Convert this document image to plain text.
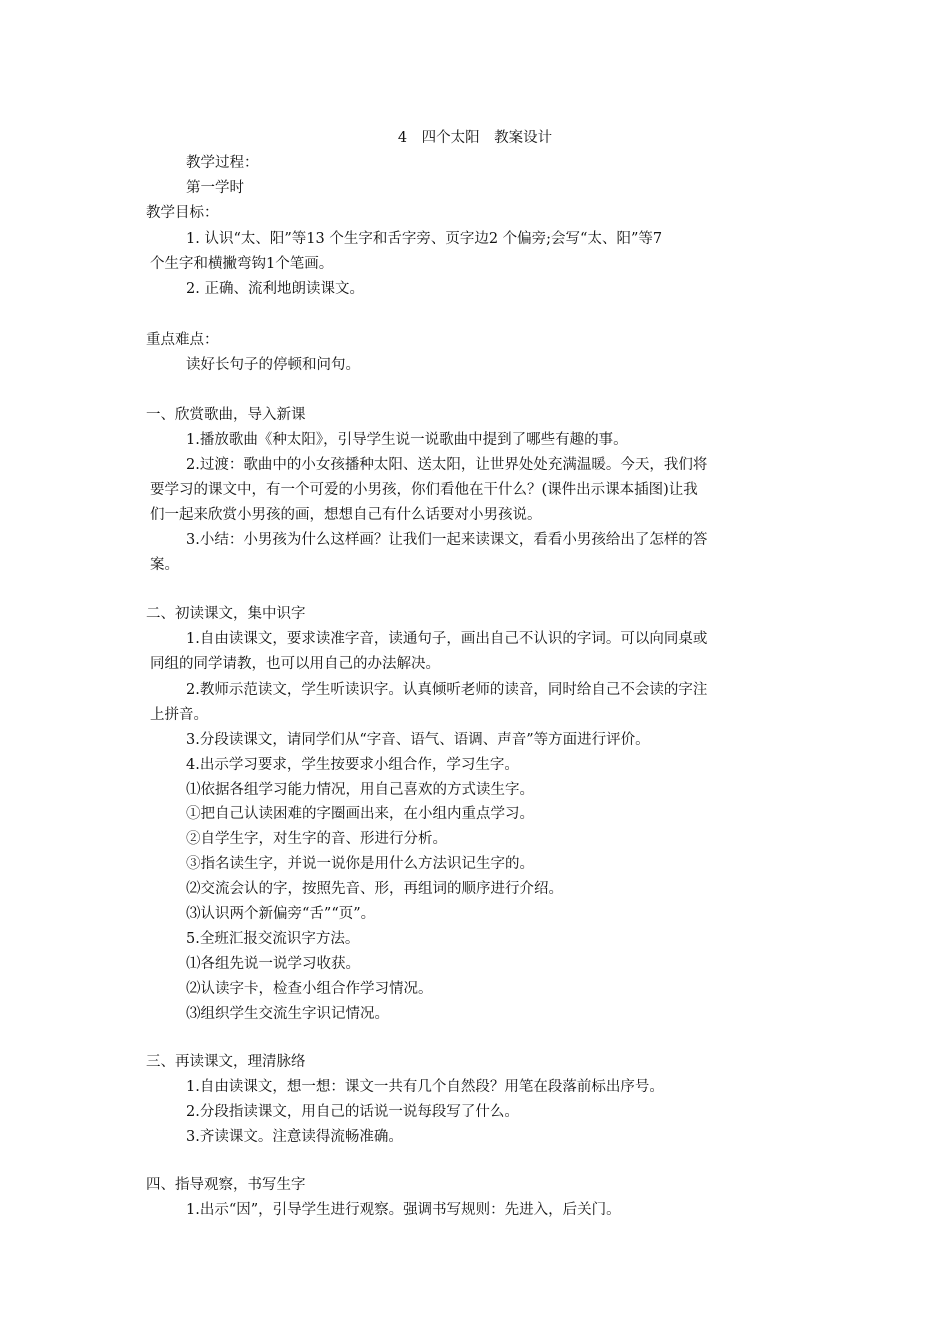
4　四个太阳　教案设计
教学过程：
第一学时
教学目标：
1. 认识“太、阳”等13 个生字和舌字旁、页字边2 个偏旁;会写“太、阳”等7
个生字和横撇弯钩1个笔画。
2. 正确、流利地朗读课文。
重点难点：
读好长句子的停顿和问句。
一、欣赏歌曲，导入新课
1.播放歌曲《种太阳》，引导学生说一说歌曲中提到了哪些有趣的事。
2.过渡：歌曲中的小女孩播种太阳、送太阳，让世界处处充满温暖。今天，我们将
要学习的课文中，有一个可爱的小男孩，你们看他在干什么？(课件出示课本插图)让我
们一起来欣赏小男孩的画，想想自己有什么话要对小男孩说。
3.小结：小男孩为什么这样画？让我们一起来读课文，看看小男孩给出了怎样的答
案。
二、初读课文，集中识字
1.自由读课文，要求读准字音，读通句子，画出自己不认识的字词。可以向同桌或
同组的同学请教，也可以用自己的办法解决。
2.教师示范读文，学生听读识字。认真倾听老师的读音，同时给自己不会读的字注
上拼音。
3.分段读课文，请同学们从“字音、语气、语调、声音”等方面进行评价。
4.出示学习要求，学生按要求小组合作，学习生字。
⑴依据各组学习能力情况，用自己喜欢的方式读生字。
①把自己认读困难的字圈画出来，在小组内重点学习。
②自学生字，对生字的音、形进行分析。
③指名读生字，并说一说你是用什么方法识记生字的。
⑵交流会认的字，按照先音、形，再组词的顺序进行介绍。
⑶认识两个新偏旁“舌”“页”。
5.全班汇报交流识字方法。
⑴各组先说一说学习收获。
⑵认读字卡，检查小组合作学习情况。
⑶组织学生交流生字识记情况。
三、再读课文，理清脉络
1.自由读课文，想一想：课文一共有几个自然段？用笔在段落前标出序号。
2.分段指读课文，用自己的话说一说每段写了什么。
3.齐读课文。注意读得流畅准确。
四、指导观察，书写生字
1.出示“因”，引导学生进行观察。强调书写规则：先进入，后关门。
